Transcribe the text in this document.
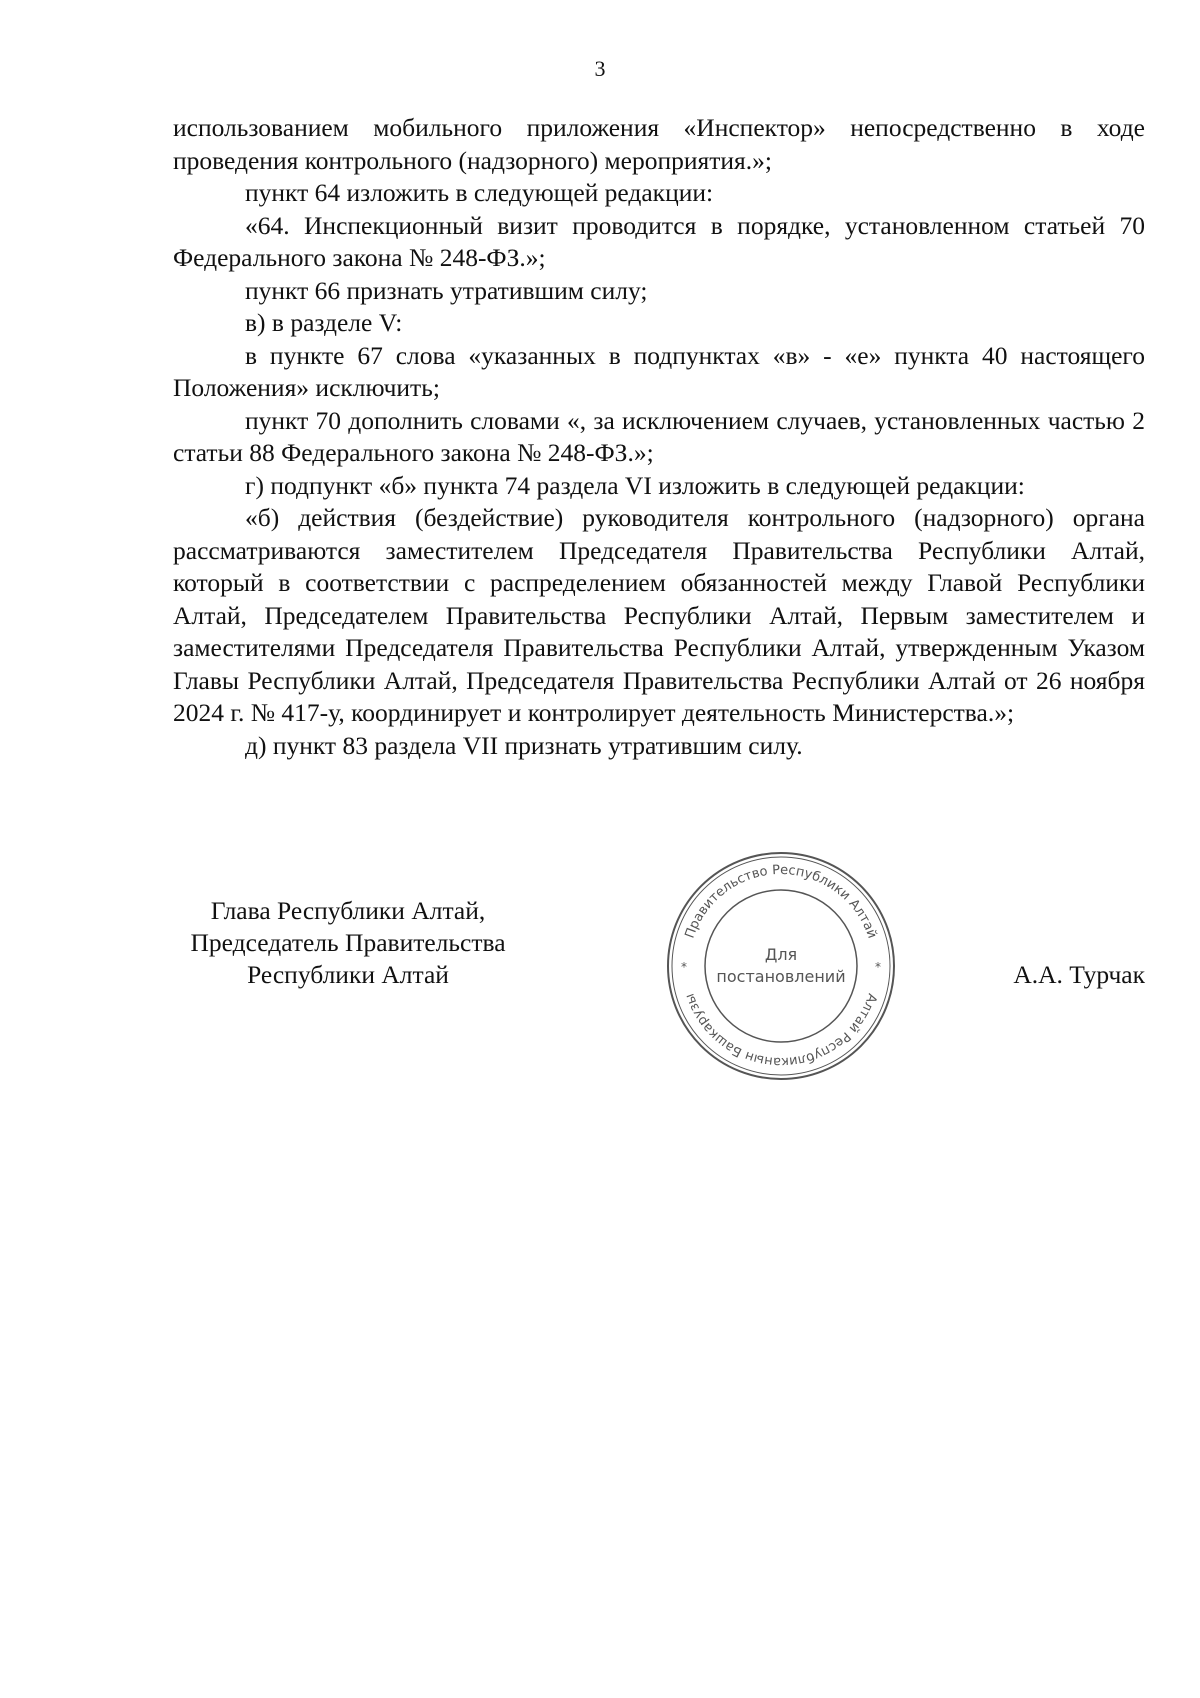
3

использованием мобильного приложения «Инспектор» непосредственно в ходе проведения контрольного (надзорного) мероприятия.»;

пункт 64 изложить в следующей редакции:

«64. Инспекционный визит проводится в порядке, установленном статьей 70 Федерального закона № 248-ФЗ.»;

пункт 66 признать утратившим силу;

в) в разделе V:

в пункте 67 слова «указанных в подпунктах «в» - «е» пункта 40 настоящего Положения» исключить;

пункт 70 дополнить словами «, за исключением случаев, установленных частью 2 статьи 88 Федерального закона № 248-ФЗ.»;

г) подпункт «б» пункта 74 раздела VI изложить в следующей редакции:

«б) действия (бездействие) руководителя контрольного (надзорного) органа рассматриваются заместителем Председателя Правительства Республики Алтай, который в соответствии с распределением обязанностей между Главой Республики Алтай, Председателем Правительства Республики Алтай, Первым заместителем и заместителями Председателя Правительства Республики Алтай, утвержденным Указом Главы Республики Алтай, Председателя Правительства Республики Алтай от 26 ноября 2024 г. № 417-у, координирует и контролирует деятельность Министерства.»;

д) пункт 83 раздела VII признать утратившим силу.

Глава Республики Алтай,
Председатель Правительства
Республики Алтай
Правительство Республики Алтай
Алтай Республиканын Башкарузы
*	*
Для
постановлений	А.А. Турчак
